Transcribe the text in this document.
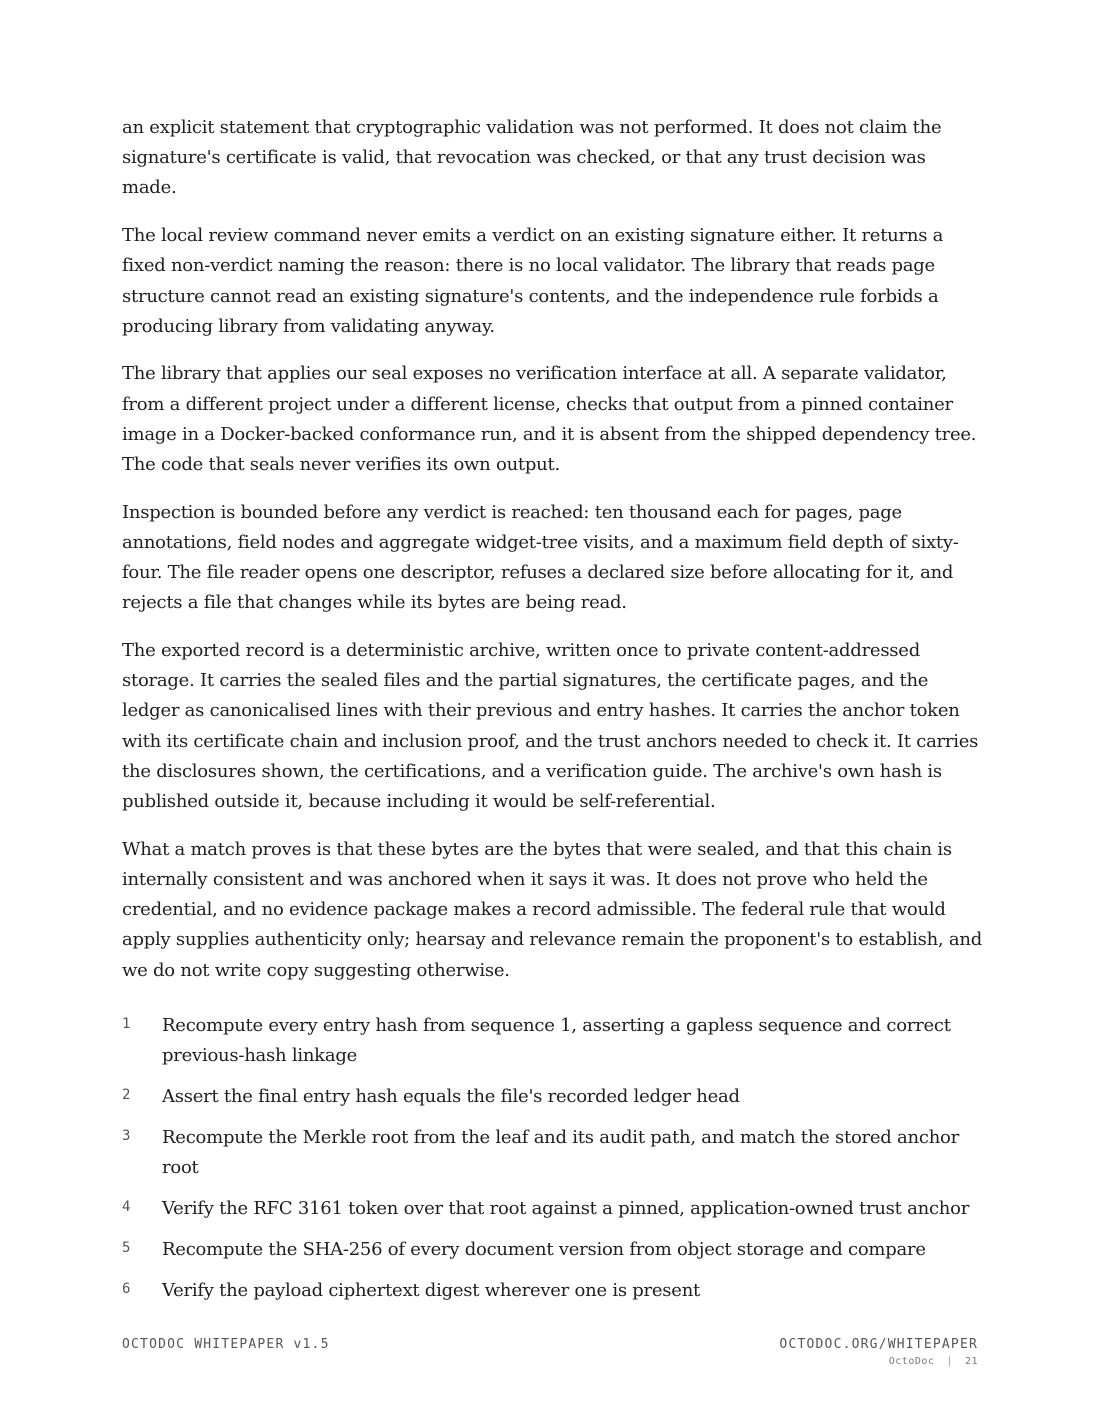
an explicit statement that cryptographic validation was not performed. It does not claim the signature's certificate is valid, that revocation was checked, or that any trust decision was made.

The local review command never emits a verdict on an existing signature either. It returns a fixed non-verdict naming the reason: there is no local validator. The library that reads page structure cannot read an existing signature's contents, and the independence rule forbids a producing library from validating anyway.

The library that applies our seal exposes no verification interface at all. A separate validator, from a different project under a different license, checks that output from a pinned container image in a Docker-backed conformance run, and it is absent from the shipped dependency tree. The code that seals never verifies its own output.

Inspection is bounded before any verdict is reached: ten thousand each for pages, page annotations, field nodes and aggregate widget-tree visits, and a maximum field depth of sixty-four. The file reader opens one descriptor, refuses a declared size before allocating for it, and rejects a file that changes while its bytes are being read.

The exported record is a deterministic archive, written once to private content-addressed storage. It carries the sealed files and the partial signatures, the certificate pages, and the ledger as canonicalised lines with their previous and entry hashes. It carries the anchor token with its certificate chain and inclusion proof, and the trust anchors needed to check it. It carries the disclosures shown, the certifications, and a verification guide. The archive's own hash is published outside it, because including it would be self-referential.

What a match proves is that these bytes are the bytes that were sealed, and that this chain is internally consistent and was anchored when it says it was. It does not prove who held the credential, and no evidence package makes a record admissible. The federal rule that would apply supplies authenticity only; hearsay and relevance remain the proponent's to establish, and we do not write copy suggesting otherwise.

1	Recompute every entry hash from sequence 1, asserting a gapless sequence and correct previous-hash linkage
2	Assert the final entry hash equals the file's recorded ledger head
3	Recompute the Merkle root from the leaf and its audit path, and match the stored anchor root
4	Verify the RFC 3161 token over that root against a pinned, application-owned trust anchor
5	Recompute the SHA-256 of every document version from object storage and compare
6	Verify the payload ciphertext digest wherever one is present
OCTODOC WHITEPAPER v1.5	OCTODOC.ORG/WHITEPAPER
OctoDoc | 21
